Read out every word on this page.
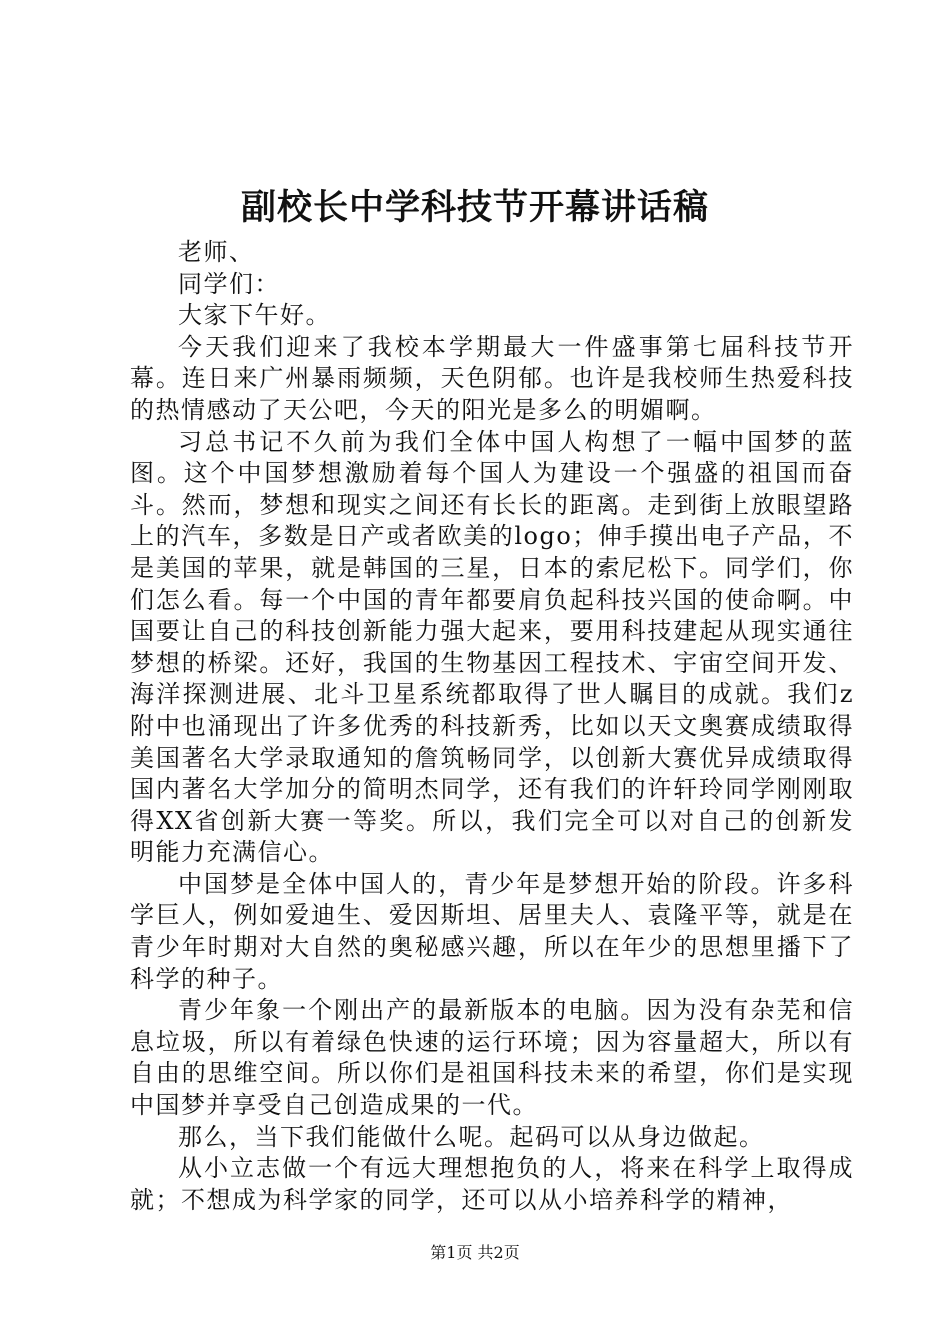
副校长中学科技节开幕讲话稿

老师、

同学们：

大家下午好。

今天我们迎来了我校本学期最大一件盛事第七届科技节开幕。连日来广州暴雨频频，天色阴郁。也许是我校师生热爱科技的热情感动了天公吧，今天的阳光是多么的明媚啊。

习总书记不久前为我们全体中国人构想了一幅中国梦的蓝图。这个中国梦想激励着每个国人为建设一个强盛的祖国而奋斗。然而，梦想和现实之间还有长长的距离。走到街上放眼望路上的汽车，多数是日产或者欧美的logo；伸手摸出电子产品，不是美国的苹果，就是韩国的三星，日本的索尼松下。同学们，你们怎么看。每一个中国的青年都要肩负起科技兴国的使命啊。中国要让自己的科技创新能力强大起来，要用科技建起从现实通往梦想的桥梁。还好，我国的生物基因工程技术、宇宙空间开发、海洋探测进展、北斗卫星系统都取得了世人瞩目的成就。我们z附中也涌现出了许多优秀的科技新秀，比如以天文奥赛成绩取得美国著名大学录取通知的詹筑畅同学，以创新大赛优异成绩取得国内著名大学加分的简明杰同学，还有我们的许轩玲同学刚刚取得XX省创新大赛一等奖。所以，我们完全可以对自己的创新发明能力充满信心。

中国梦是全体中国人的，青少年是梦想开始的阶段。许多科学巨人，例如爱迪生、爱因斯坦、居里夫人、袁隆平等，就是在青少年时期对大自然的奥秘感兴趣，所以在年少的思想里播下了科学的种子。

青少年象一个刚出产的最新版本的电脑。因为没有杂芜和信息垃圾，所以有着绿色快速的运行环境；因为容量超大，所以有自由的思维空间。所以你们是祖国科技未来的希望，你们是实现中国梦并享受自己创造成果的一代。

那么，当下我们能做什么呢。起码可以从身边做起。

从小立志做一个有远大理想抱负的人，将来在科学上取得成就；不想成为科学家的同学，还可以从小培养科学的精神，

第1页 共2页
